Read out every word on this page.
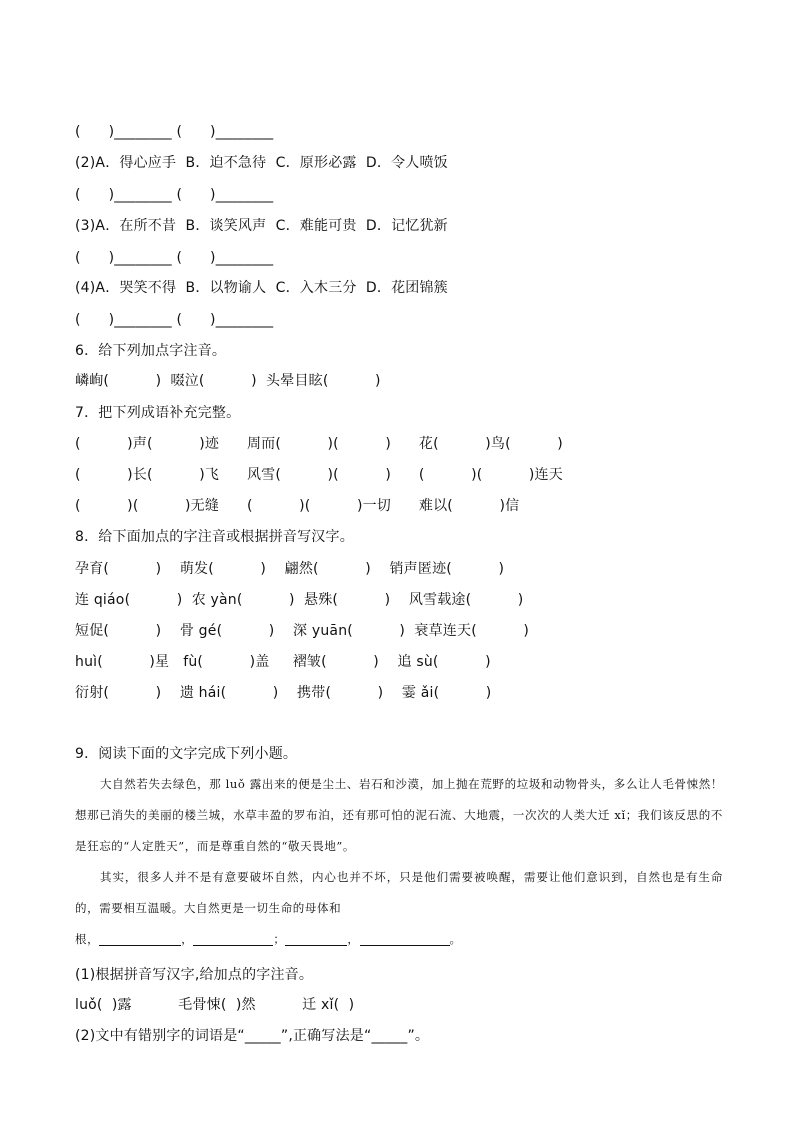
(      )________ (      )________
(2)A．得心应手  B．迫不急待  C．原形必露  D．令人喷饭
(      )________ (      )________
(3)A．在所不昔  B．谈笑风声  C．难能可贵  D．记忆犹新
(      )________ (      )________
(4)A．哭笑不得  B．以物谕人  C．入木三分  D．花团锦簇
(      )________ (      )________
6．给下列加点字注音。
嶙峋(          )  啜泣(          )  头晕目眩(          )
7．把下列成语补充完整。
(          )声(          )迹      周而(          )(          )      花(          )鸟(          )
(          )长(          )飞      风雪(          )(          )      (          )(          )连天
(          )(          )无缝      (          )(          )一切      难以(          )信
8．给下面加点的字注音或根据拼音写汉字。
孕育(          )    萌发(          )    翩然(          )    销声匿迹(          )
连 qiáo(          )  农 yàn(          )  悬殊(          )    风雪载途(          )
短促(          )    骨 gé(          )    深 yuān(          )  衰草连天(          )
huì(          )星   fù(          )盖     褶皱(          )    追 sù(          )
衍射(          )    遗 hái(          )    携带(          )    霎 ǎi(          )
9．阅读下面的文字完成下列小题。

大自然若失去绿色，那 luǒ 露出来的便是尘土、岩石和沙漠，加上抛在荒野的垃圾和动物骨头，多么让人毛骨悚然！想那已消失的美丽的楼兰城，水草丰盈的罗布泊，还有那可怕的泥石流、大地震，一次次的人类大迁 xǐ；我们该反思的不是狂忘的“人定胜天”，而是尊重自然的“敬天畏地”。

其实，很多人并不是有意要破坏自然，内心也并不坏，只是他们需要被唤醒，需要让他们意识到，自然也是有生命的，需要相互温暖。大自然更是一切生命的母体和

根，	，	；	，	。

(1)根据拼音写汉字,给加点的字注音。
luǒ(  )露          毛骨悚(  )然          迁 xǐ(  )
(2)文中有错别字的词语是“_____”,正确写法是“_____”。
